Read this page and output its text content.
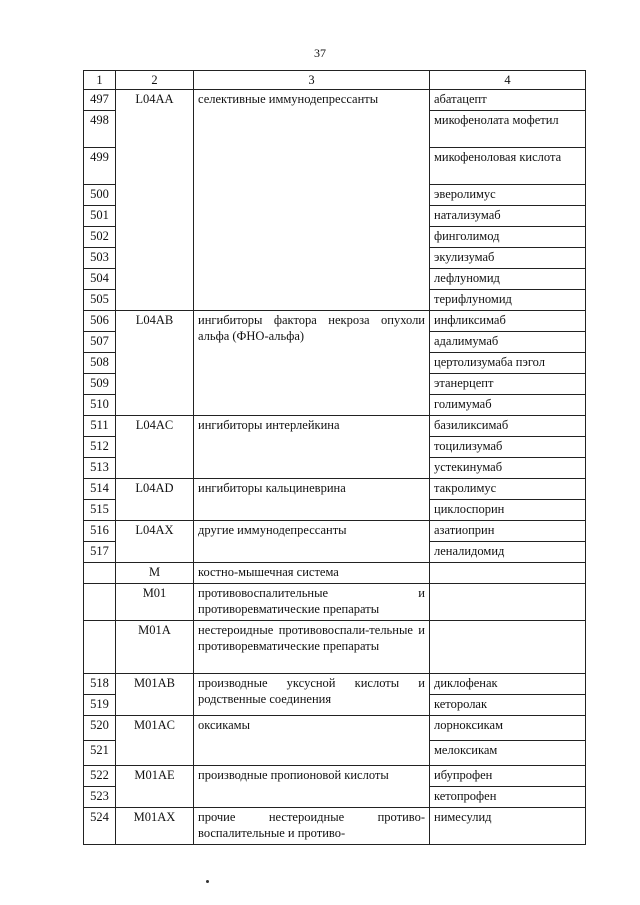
37
1	2	3	4
497	L04AA	селективные иммунодепрессанты	абатацепт
498			микофенолата мофетил
499			микофеноловая кислота
500			эверолимус
501			натализумаб
502			финголимод
503			экулизумаб
504			лефлуномид
505			терифлуномид
506	L04AB	ингибиторы фактора некроза опухоли альфа (ФНО-альфа)	инфликсимаб
507			адалимумаб
508			цертолизумаба пэгол
509			этанерцепт
510			голимумаб
511	L04AC	ингибиторы интерлейкина	базиликсимаб
512			тоцилизумаб
513			устекинумаб
514	L04AD	ингибиторы кальциневрина	такролимус
515			циклоспорин
516	L04AX	другие иммунодепрессанты	азатиоприн
517			леналидомид
	M	костно-мышечная система	
	M01	противовоспалительные и противоревматические препараты	
	M01A	нестероидные противовоспали-тельные и противоревматические препараты	
518	M01AB	производные уксусной кислоты и родственные соединения	диклофенак
519			кеторолак
520	M01AC	оксикамы	лорноксикам
521			мелоксикам
522	M01AE	производные пропионовой кислоты	ибупрофен
523			кетопрофен
524	M01AX	прочие нестероидные противо-воспалительные и противо-	нимесулид
